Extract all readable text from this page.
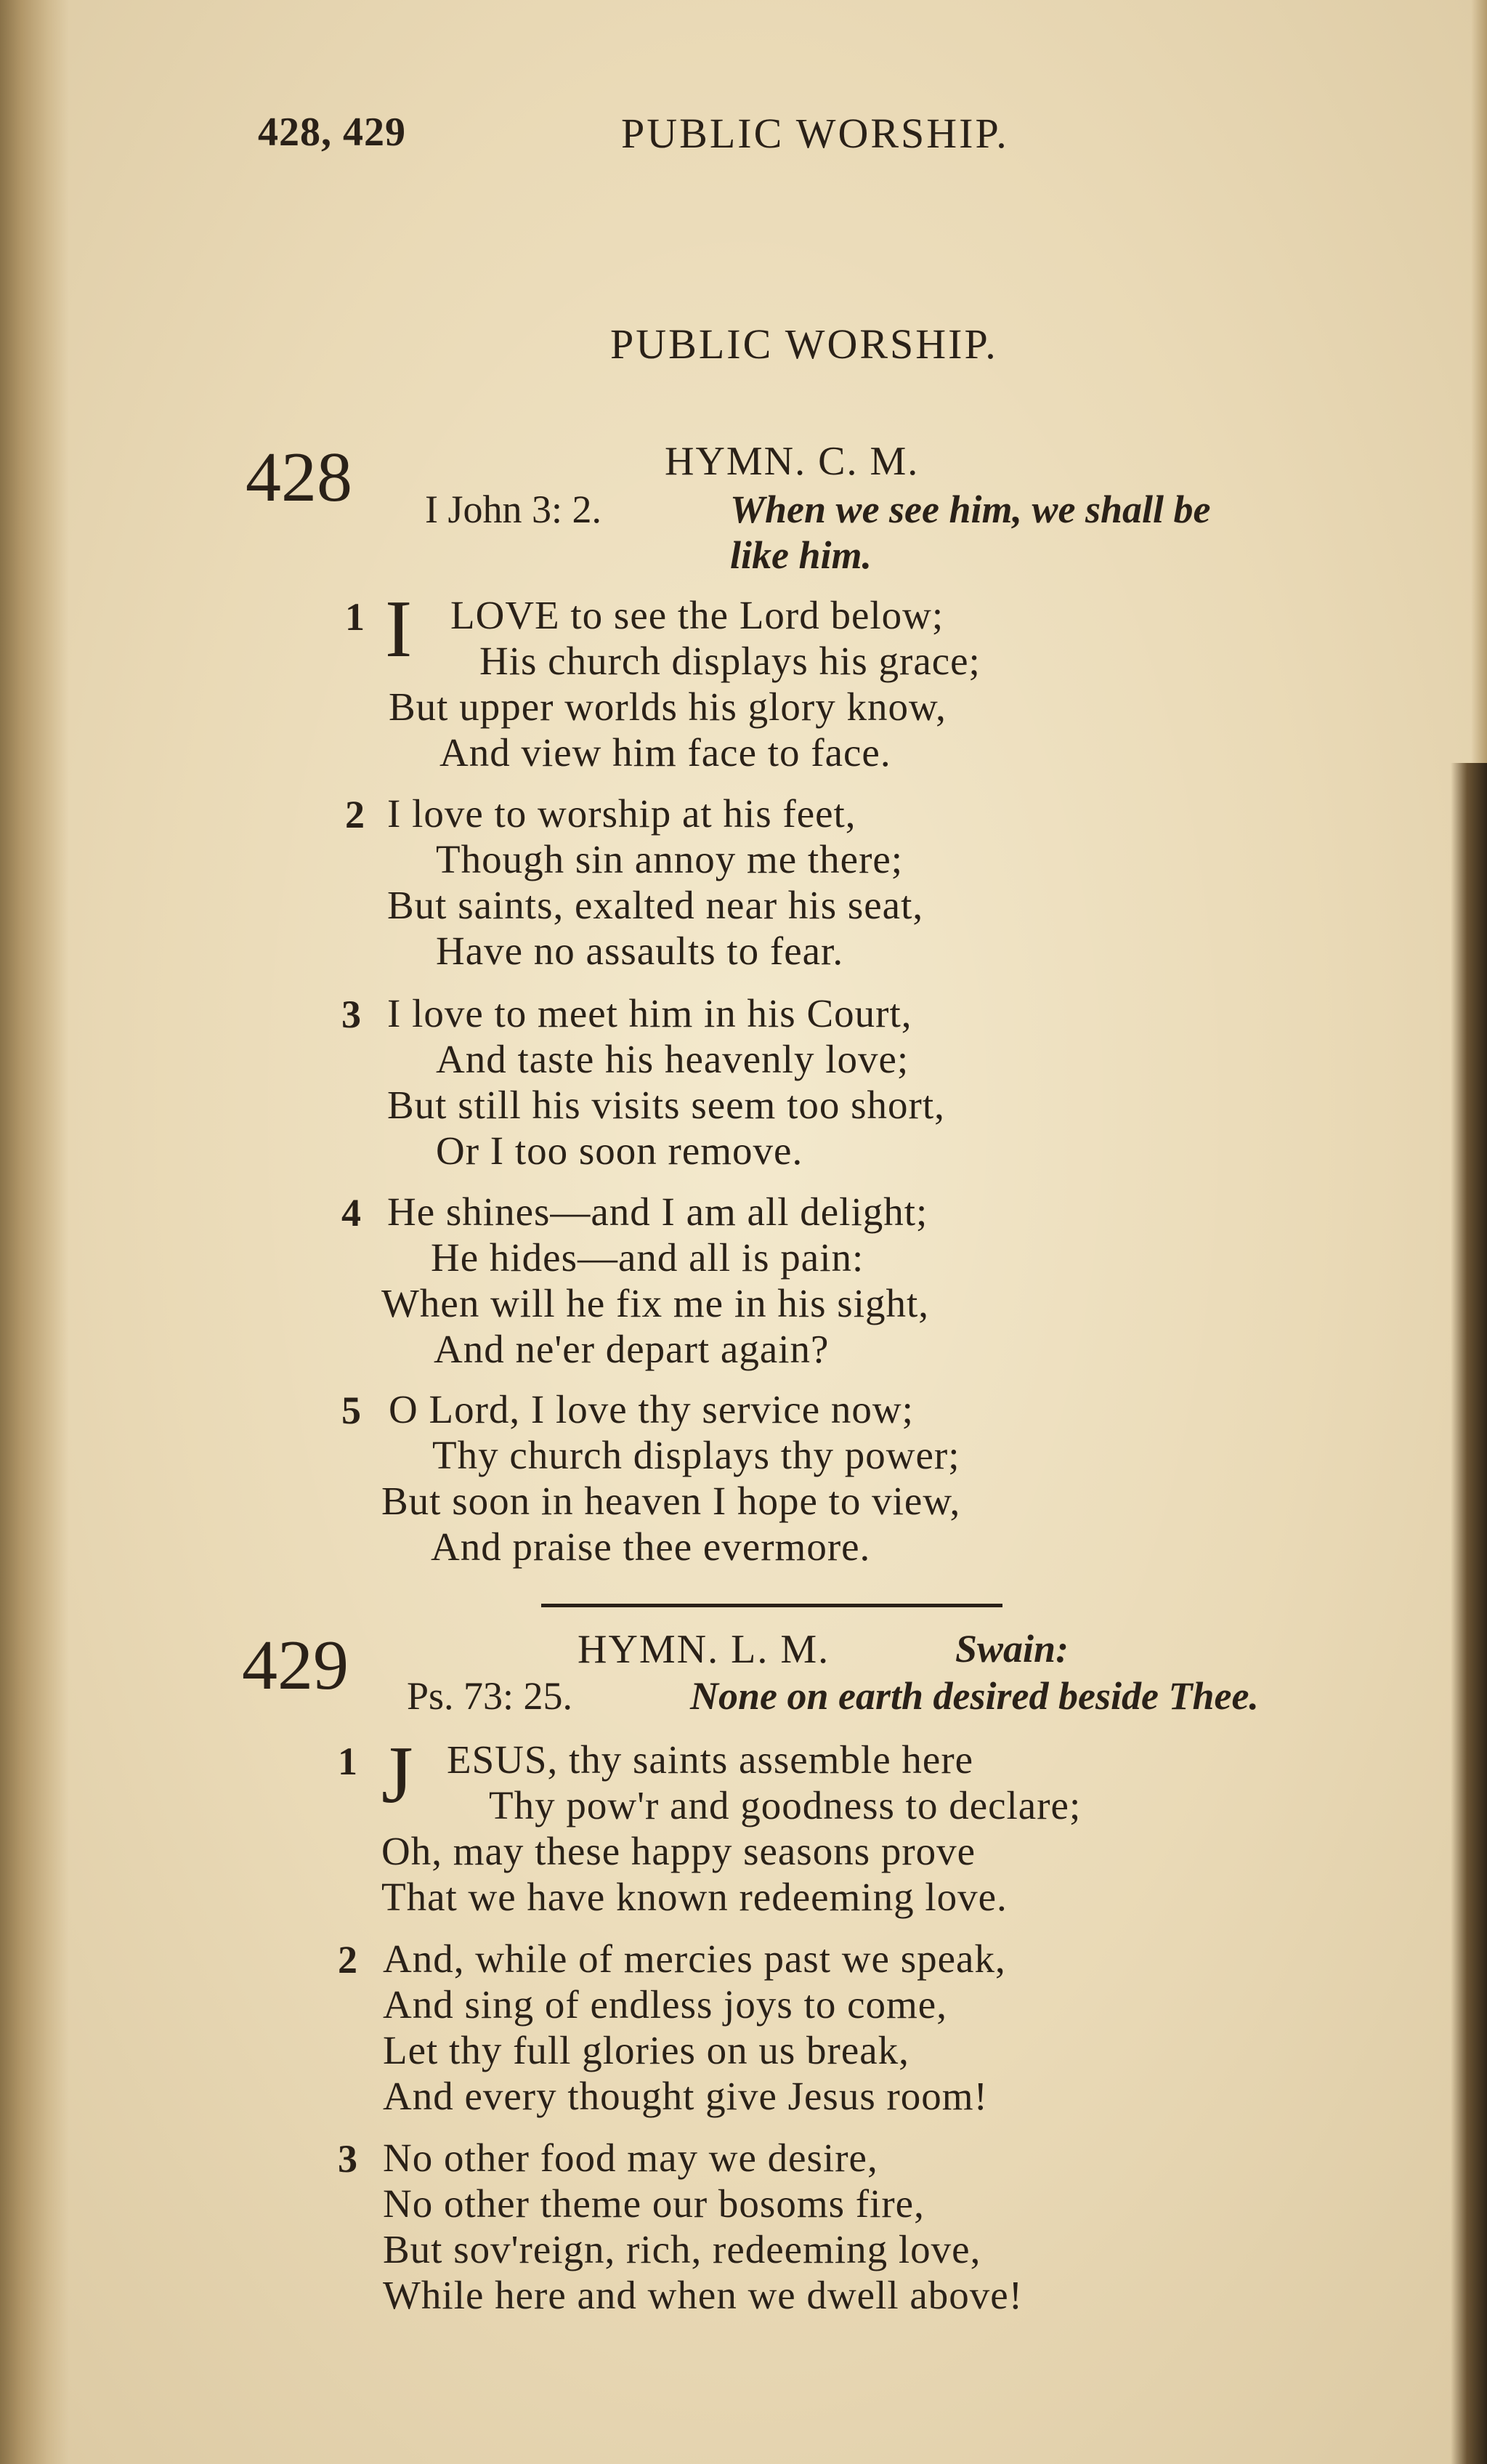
428, 429	PUBLIC WORSHIP.
PUBLIC WORSHIP.
428	HYMN. C. M.
I John 3: 2.	When we see him, we shall be
like him.
1 I LOVE to see the Lord below;
His church displays his grace;
But upper worlds his glory know,
And view him face to face.
2 I love to worship at his feet,
Though sin annoy me there;
But saints, exalted near his seat,
Have no assaults to fear.
3 I love to meet him in his Court,
And taste his heavenly love;
But still his visits seem too short,
Or I too soon remove.
4 He shines—and I am all delight;
He hides—and all is pain:
When will he fix me in his sight,
And ne'er depart again?
5 O Lord, I love thy service now;
Thy church displays thy power;
But soon in heaven I hope to view,
And praise thee evermore.
429	HYMN. L. M.	Swain:
Ps. 73: 25.	None on earth desired beside Thee.
1 J ESUS, thy saints assemble here
Thy pow'r and goodness to declare;
Oh, may these happy seasons prove
That we have known redeeming love.
2 And, while of mercies past we speak,
And sing of endless joys to come,
Let thy full glories on us break,
And every thought give Jesus room!
3 No other food may we desire,
No other theme our bosoms fire,
But sov'reign, rich, redeeming love,
While here and when we dwell above!
